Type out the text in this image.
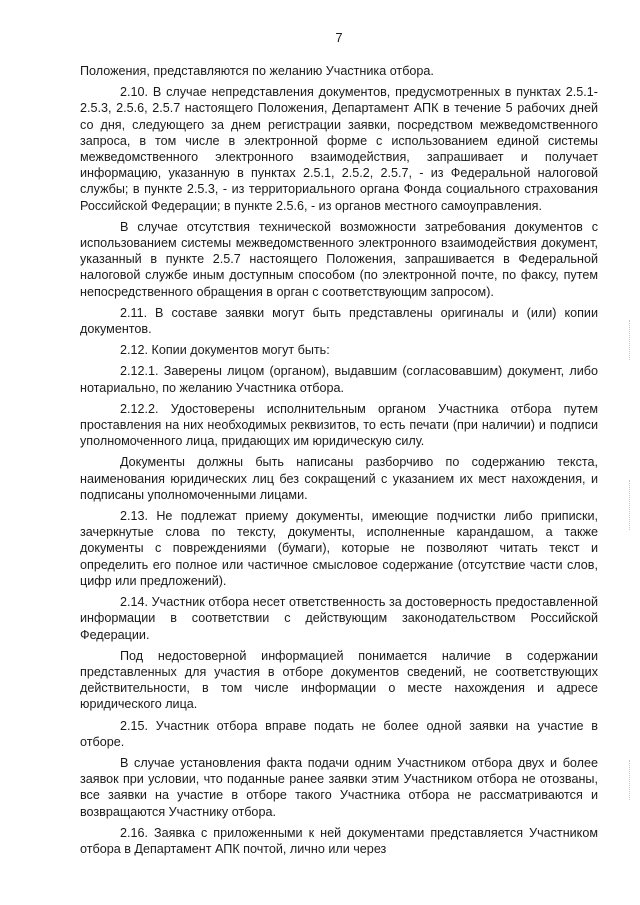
7

Положения, представляются по желанию Участника отбора.

2.10. В случае непредставления документов, предусмотренных в пунктах 2.5.1-2.5.3, 2.5.6, 2.5.7 настоящего Положения, Департамент АПК в течение 5 рабочих дней со дня, следующего за днем регистрации заявки, посредством межведомственного запроса, в том числе в электронной форме с использованием единой системы межведомственного электронного взаимодействия, запрашивает и получает информацию, указанную в пунктах 2.5.1, 2.5.2, 2.5.7, - из Федеральной налоговой службы; в пункте 2.5.3, - из территориального органа Фонда социального страхования Российской Федерации; в пункте 2.5.6, - из органов местного самоуправления.

В случае отсутствия технической возможности затребования документов с использованием системы межведомственного электронного взаимодействия документ, указанный в пункте 2.5.7 настоящего Положения, запрашивается в Федеральной налоговой службе иным доступным способом (по электронной почте, по факсу, путем непосредственного обращения в орган с соответствующим запросом).

2.11. В составе заявки могут быть представлены оригиналы и (или) копии документов.

2.12. Копии документов могут быть:

2.12.1. Заверены лицом (органом), выдавшим (согласовавшим) документ, либо нотариально, по желанию Участника отбора.

2.12.2. Удостоверены исполнительным органом Участника отбора путем проставления на них необходимых реквизитов, то есть печати (при наличии) и подписи уполномоченного лица, придающих им юридическую силу.

Документы должны быть написаны разборчиво по содержанию текста, наименования юридических лиц без сокращений с указанием их мест нахождения, и подписаны уполномоченными лицами.

2.13. Не подлежат приему документы, имеющие подчистки либо приписки, зачеркнутые слова по тексту, документы, исполненные карандашом, а также документы с повреждениями (бумаги), которые не позволяют читать текст и определить его полное или частичное смысловое содержание (отсутствие части слов, цифр или предложений).

2.14. Участник отбора несет ответственность за достоверность предоставленной информации в соответствии с действующим законодательством Российской Федерации.

Под недостоверной информацией понимается наличие в содержании представленных для участия в отборе документов сведений, не соответствующих действительности, в том числе информации о месте нахождения и адресе юридического лица.

2.15. Участник отбора вправе подать не более одной заявки на участие в отборе.

В случае установления факта подачи одним Участником отбора двух и более заявок при условии, что поданные ранее заявки этим Участником отбора не отозваны, все заявки на участие в отборе такого Участника отбора не рассматриваются и возвращаются Участнику отбора.

2.16. Заявка с приложенными к ней документами представляется Участником отбора в Департамент АПК почтой, лично или через
